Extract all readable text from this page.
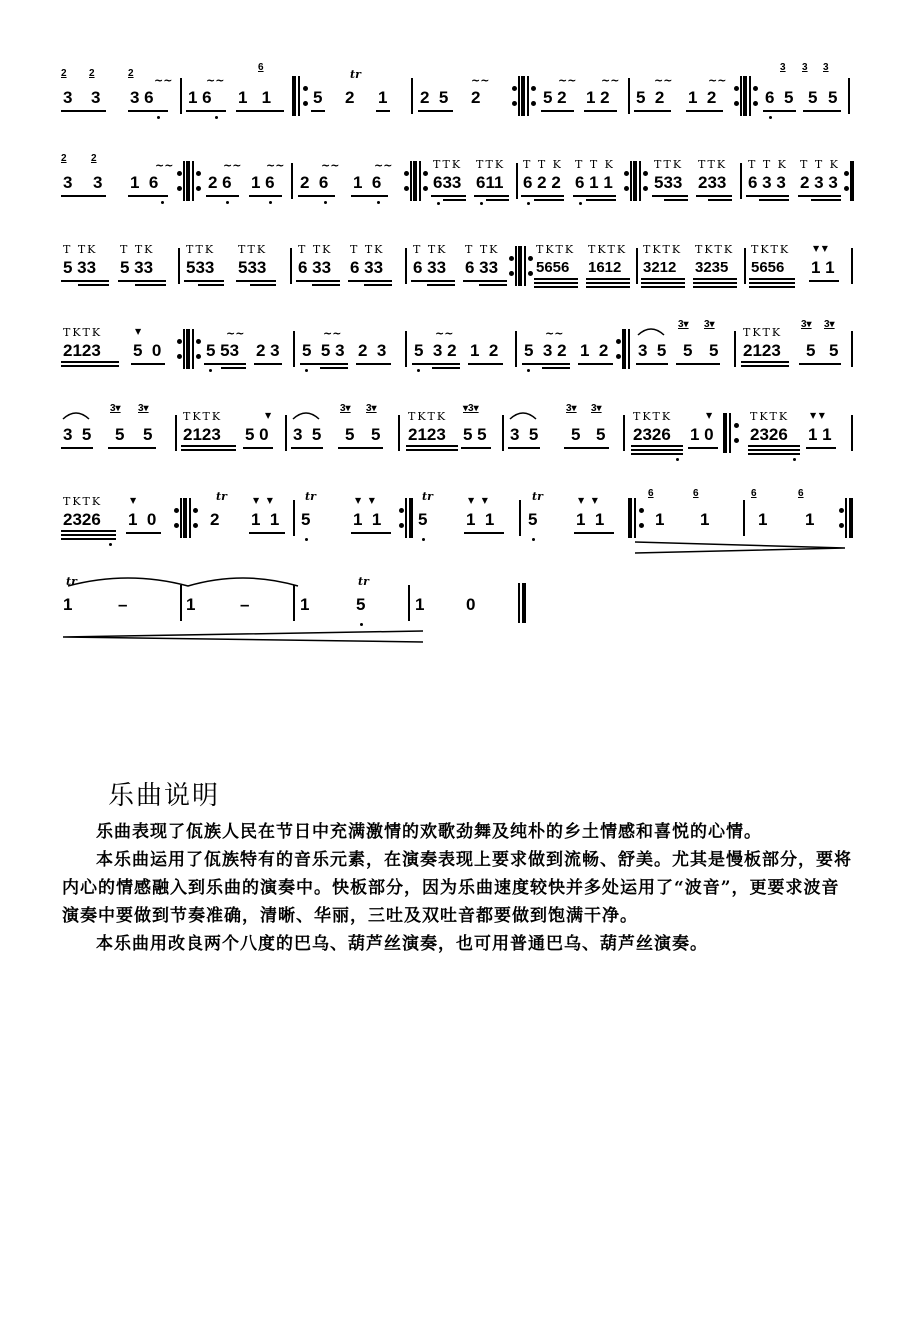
3
2
3
2
3 6
2
~~
1 6
~~
1   1
6
5 2
tr
1 2  5 2
~~
5 2
~~
1 2
~~
5  2
~~
1  2
~~
6 5
3
5
3
5
3
3
2
3
2
1  6
~~
2 6
~~
1 6
~~
2  6
~~
1  6
~~	TTK
633
TTK
611
T T K
6 2 2
T T K
6 1 1
TTK
533
TTK
233
T T K
6 3 3
T T K
2 3 3
T TK
5 33
T TK
5 33
TTK
533
TTK
533
T TK
6 33
T TK
6 33
T TK
6 33
T TK
6 33
TKTK
5656
TKTK
1612
TKTK
3212
TKTK
3235
TKTK
5656
▼ ▼
1 1
TKTK
2123
▼
5  0	5 53
~~
2 3 5  5 3
~~
2  3 5  3 2
~~
1  2 5  3 2
~~
1  2 3  5
3▾
5
3▾
5
TKTK
2123
3▾
5
3▾
5
3  5
3▾
5
3▾
5
TKTK
2123
▼
5 0 3  5
3▾
5
3▾
5
TKTK
2123
▾3▾
5 5 3  5
3▾
5
3▾
5
TKTK
2326
▼
1 0
TKTK
2326
▼ ▼
1 1
TKTK
2326
▼
1  0
tr
2
▼   ▼
1  1
tr
5
▼   ▼
1  1
tr
5
▼   ▼
1  1
tr
5
▼   ▼
1  1
6
1
6
1
6
1
6
1
tr
1	–	1	–	1
tr
5	1 0
乐曲说明

乐曲表现了佤族人民在节日中充满激情的欢歌劲舞及纯朴的乡土情感和喜悦的心情。

本乐曲运用了佤族特有的音乐元素，在演奏表现上要求做到流畅、舒美。尤其是慢板部分，要将内心的情感融入到乐曲的演奏中。快板部分，因为乐曲速度较快并多处运用了“波音”，更要求波音演奏中要做到节奏准确，清晰、华丽，三吐及双吐音都要做到饱满干净。

本乐曲用改良两个八度的巴乌、葫芦丝演奏，也可用普通巴乌、葫芦丝演奏。
